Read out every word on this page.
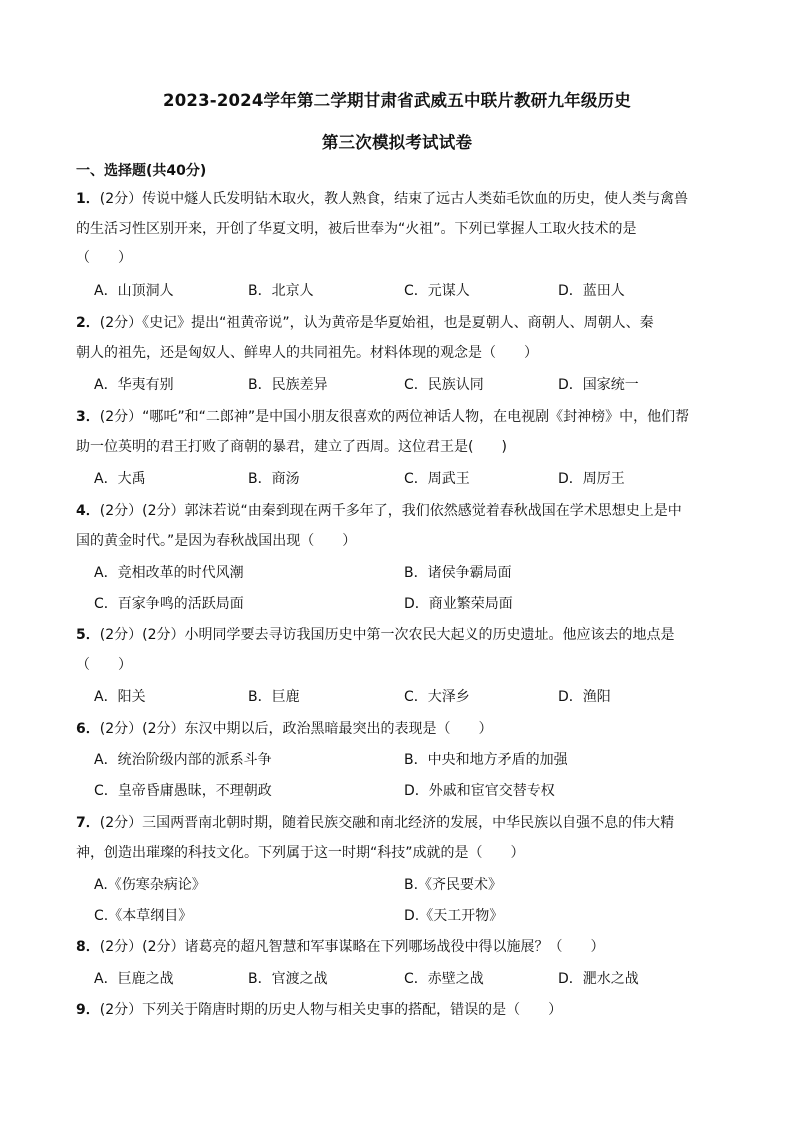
2023-2024学年第二学期甘肃省武威五中联片教研九年级历史
第三次模拟考试试卷
一、选择题(共40分)
1．(2分）传说中燧人氏发明钻木取火，教人熟食，结束了远古人类茹毛饮血的历史，使人类与禽兽
的生活习性区别开来，开创了华夏文明，被后世奉为“火祖”。下列已掌握人工取火技术的是
（　　）
A．山顶洞人	B．北京人	C．元谋人	D．蓝田人
2．(2分）《史记》提出“祖黄帝说”，认为黄帝是华夏始祖，也是夏朝人、商朝人、周朝人、秦
朝人的祖先，还是匈奴人、鲜卑人的共同祖先。材料体现的观念是（　　）
A．华夷有别	B．民族差异	C．民族认同	D．国家统一
3．(2分）“哪吒”和“二郎神”是中国小朋友很喜欢的两位神话人物，在电视剧《封神榜》中，他们帮
助一位英明的君王打败了商朝的暴君，建立了西周。这位君王是(　　)
A．大禹	B．商汤	C．周武王	D．周厉王
4．(2分）(2分）郭沫若说“由秦到现在两千多年了，我们依然感觉着春秋战国在学术思想史上是中
国的黄金时代。”是因为春秋战国出现（　　）
A．竞相改革的时代风潮	B．诸侯争霸局面
C．百家争鸣的活跃局面	D．商业繁荣局面
5．(2分）(2分）小明同学要去寻访我国历史中第一次农民大起义的历史遗址。他应该去的地点是
（　　）
A．阳关	B．巨鹿	C．大泽乡	D．渔阳
6．(2分）(2分）东汉中期以后，政治黑暗最突出的表现是（　　）
A．统治阶级内部的派系斗争	B．中央和地方矛盾的加强
C．皇帝昏庸愚昧，不理朝政	D．外戚和宦官交替专权
7．(2分）三国两晋南北朝时期，随着民族交融和南北经济的发展，中华民族以自强不息的伟大精
神，创造出璀璨的科技文化。下列属于这一时期“科技”成就的是（　　）
A.《伤寒杂病论》	B.《齐民要术》
C.《本草纲目》	D.《天工开物》
8．(2分）(2分）诸葛亮的超凡智慧和军事谋略在下列哪场战役中得以施展？（　　）
A．巨鹿之战	B．官渡之战	C．赤壁之战	D．淝水之战
9．(2分）下列关于隋唐时期的历史人物与相关史事的搭配，错误的是（　　）
